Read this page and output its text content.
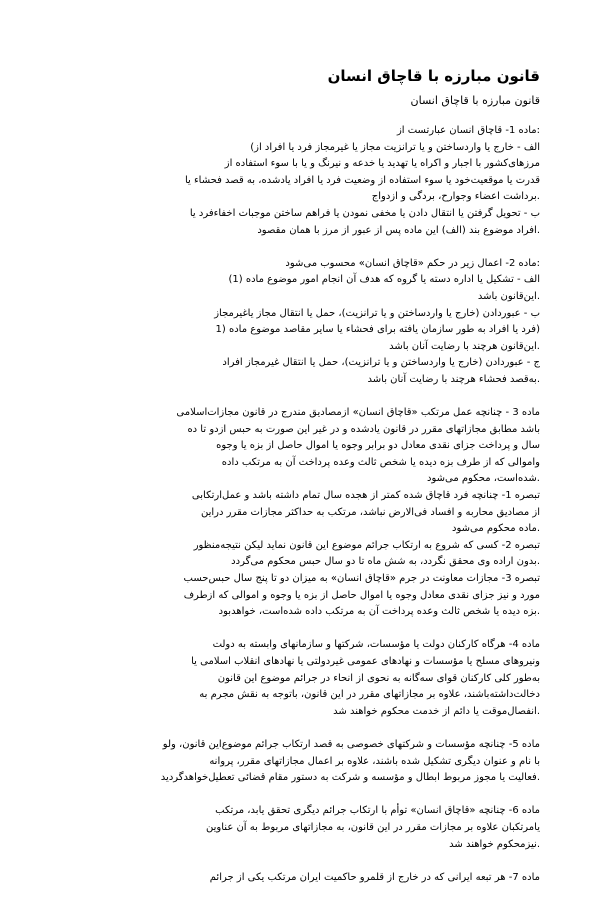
قانون مبارزه با قاچاق انسان
قانون مبارزه با قاچاق انسان
:ماده 1- قاچاق انسان عبارتست از
الف - خارج یا واردساختن و یا ترانزیت مجاز یا غیرمجاز فرد یا افراد از)
مرزهای‌کشور با اجبار و اکراه یا تهدید یا خدعه و نیرنگ و یا با سوء استفاده از
قدرت یا موقعیت‌خود یا سوء استفاده از وضعیت فرد یا افراد یادشده، به قصد فحشاء یا
.برداشت اعضاء وجوارح، بردگی و ازدواج
ب - تحویل گرفتن یا انتقال دادن یا مخفی نمودن یا فراهم ساختن موجبات اخفاءفرد یا
.افراد موضوع بند (الف) این ماده پس از عبور از مرز با همان مقصود
:ماده 2- اعمال زیر در حکم «قاچاق انسان» محسوب می‌شود
الف - تشکیل یا اداره دسته یا گروه که هدف آن انجام امور موضوع ماده (1)
.این‌قانون باشد
ب - عبوردادن (خارج یا وارد‌ساختن و یا ترانزیت)، حمل یا انتقال مجاز یاغیرمجاز
(فرد یا افراد به طور سازمان یافته برای فحشاء یا سایر مقاصد موضوع ماده (1
.این‌قانون هرچند با رضایت آنان باشد
ج - عبوردادن (خارج یا وارد‌ساختن و یا ترانزیت)، حمل یا انتقال غیرمجاز افراد
.به‌قصد فحشاء هرچند با رضایت آنان باشد
ماده 3 - چنانچه عمل مرتکب «قاچاق انسان» ازمصادیق مندرج در قانون مجازات‌اسلامی
باشد مطابق مجازاتهای مقرر در قانون یادشده و در غیر این صورت به حبس ازدو تا ده
سال و پرداخت جزای نقدی معادل دو برابر وجوه یا اموال حاصل از بزه یا وجوه
واموالی که از طرف بزه دیده یا شخص ثالث وعده پرداخت آن به مرتکب داده
.شده‌است، محکوم می‌شود
تبصره 1- چنانچه فرد قاچاق شده کمتر از هجده سال تمام داشته باشد و عمل‌ارتکابی
از مصادیق محاربه و افساد فی‌الارض نباشد، مرتکب به حداکثر مجازات مقرر دراین
.ماده محکوم می‌شود
تبصره 2- کسی که شروع به ارتکاب جرائم موضوع این قانون نماید لیکن نتیجه‌منظور
.بدون اراده وی محقق نگردد، به شش ماه تا دو سال حبس محکوم می‌گردد
تبصره 3- مجازات معاونت در جرم «قاچاق انسان» به میزان دو تا پنج سال حبس‌حسب
مورد و نیز جزای نقدی معادل وجوه یا اموال حاصل از بزه یا وجوه و اموالی که ازطرف
.بزه دیده یا شخص ثالث وعده پرداخت آن به مرتکب داده شده‌است، خواهدبود
ماده 4- هرگاه کارکنان دولت یا مؤسسات، شرکتها و سازمانهای وابسته به دولت
ونیروهای مسلح یا مؤسسات و نهادهای عمومی غیردولتی یا نهادهای انقلاب اسلامی یا
به‌طور کلی کارکنان قوای سه‌گانه به نحوی از انحاء در جرائم موضوع این قانون
دخالت‌داشته‌باشند، علاوه بر مجازاتهای مقرر در این قانون، باتوجه به نقش مجرم به
.انفصال‌موقت یا دائم از خدمت محکوم خواهند شد
ماده 5- چنانچه مؤسسات و شرکتهای خصوصی به قصد ارتکاب جرائم موضوع‌این قانون، ولو
با نام و عنوان دیگری تشکیل شده باشند، علاوه بر اعمال مجازاتهای مقرر، پروانه
.فعالیت یا مجوز مربوط ابطال و مؤسسه و شرکت به دستور مقام قضائی تعطیل‌خواهدگردید
ماده 6- چنانچه «قاچاق انسان» توأم با ارتکاب جرائم دیگری تحقق یابد، مرتکب
یامرتکبان علاوه بر مجازات مقرر در این قانون، به مجازاتهای مربوط به آن عناوین
.نیزمحکوم خواهند شد
ماده 7- هر تبعه ایرانی که در خارج از قلمرو حاکمیت ایران مرتکب یکی از جرائم
